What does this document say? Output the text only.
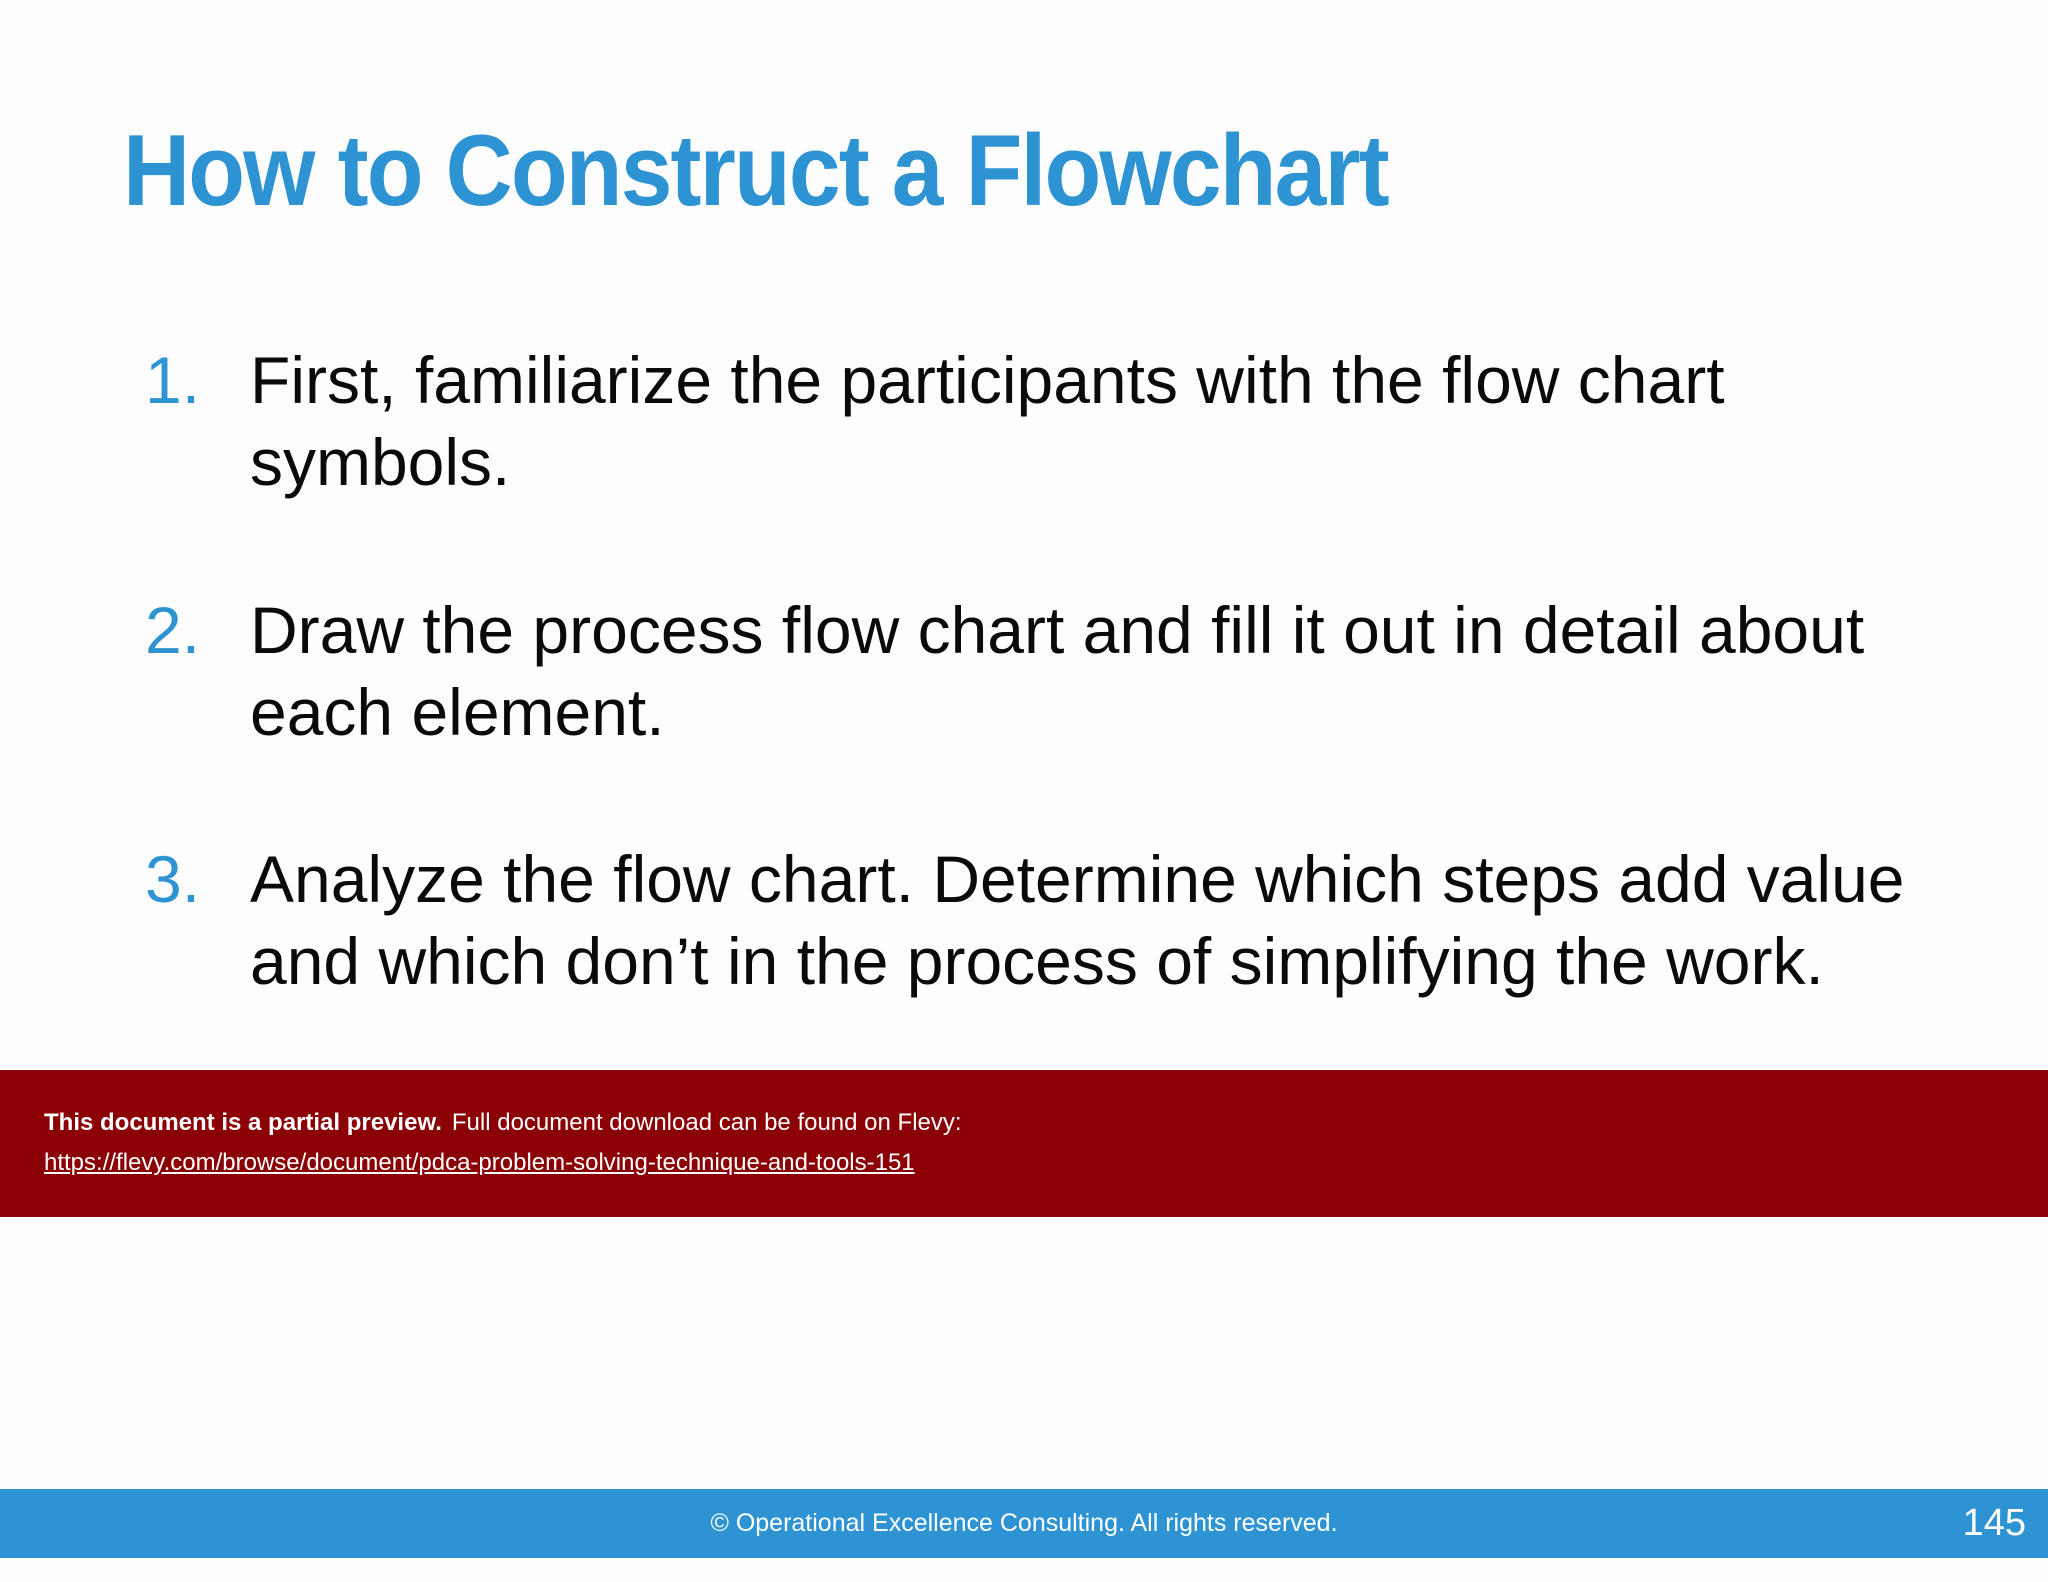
How to Construct a Flowchart
1. First, familiarize the participants with the flow chart symbols.
2. Draw the process flow chart and fill it out in detail about each element.
3. Analyze the flow chart. Determine which steps add value and which don’t in the process of simplifying the work.
This document is a partial preview. Full document download can be found on Flevy:
https://flevy.com/browse/document/pdca-problem-solving-technique-and-tools-151
© Operational Excellence Consulting. All rights reserved.	145
